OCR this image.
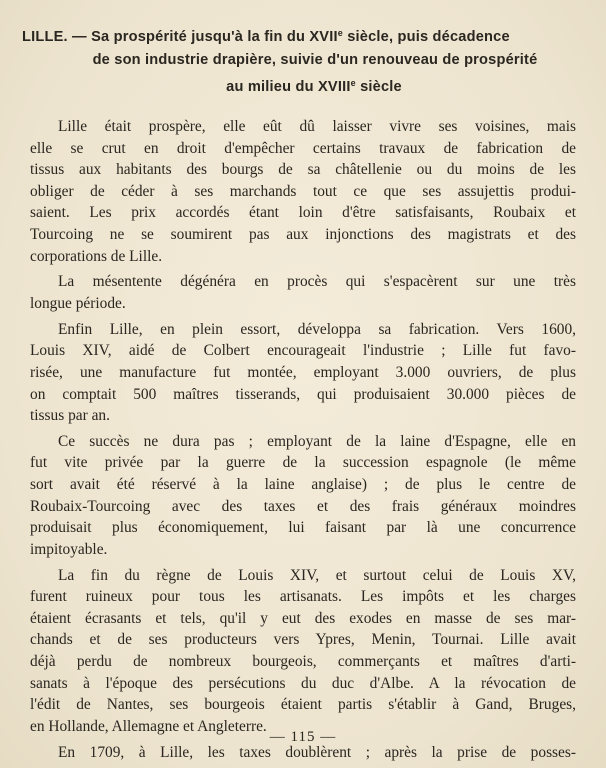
LILLE. — Sa prospérité jusqu'à la fin du XVIIe siècle, puis décadence
de son industrie drapière, suivie d'un renouveau de prospérité
au milieu du XVIIIe siècle
Lille était prospère, elle eût dû laisser vivre ses voisines, mais
elle se crut en droit d'empêcher certains travaux de fabrication de
tissus aux habitants des bourgs de sa châtellenie ou du moins de les
obliger de céder à ses marchands tout ce que ses assujettis produi-
saient. Les prix accordés étant loin d'être satisfaisants, Roubaix et
Tourcoing ne se soumirent pas aux injonctions des magistrats et des
corporations de Lille.
La mésentente dégénéra en procès qui s'espacèrent sur une très
longue période.
Enfin Lille, en plein essort, développa sa fabrication. Vers 1600,
Louis XIV, aidé de Colbert encourageait l'industrie ; Lille fut favo-
risée, une manufacture fut montée, employant 3.000 ouvriers, de plus
on comptait 500 maîtres tisserands, qui produisaient 30.000 pièces de
tissus par an.
Ce succès ne dura pas ; employant de la laine d'Espagne, elle en
fut vite privée par la guerre de la succession espagnole (le même
sort avait été réservé à la laine anglaise) ; de plus le centre de
Roubaix-Tourcoing avec des taxes et des frais généraux moindres
produisait plus économiquement, lui faisant par là une concurrence
impitoyable.
La fin du règne de Louis XIV, et surtout celui de Louis XV,
furent ruineux pour tous les artisanats. Les impôts et les charges
étaient écrasants et tels, qu'il y eut des exodes en masse de ses mar-
chands et de ses producteurs vers Ypres, Menin, Tournai. Lille avait
déjà perdu de nombreux bourgeois, commerçants et maîtres d'arti-
sanats à l'époque des persécutions du duc d'Albe. A la révocation de
l'édit de Nantes, ses bourgeois étaient partis s'établir à Gand, Bruges,
en Hollande, Allemagne et Angleterre.
En 1709, à Lille, les taxes doublèrent ; après la prise de posses-
— 115 —
